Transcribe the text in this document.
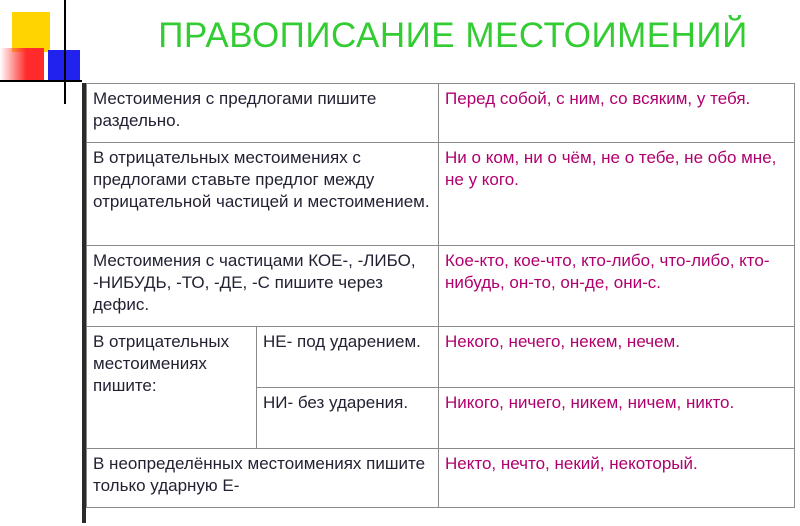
ПРАВОПИСАНИЕ МЕСТОИМЕНИЙ
Местоимения с предлогами пишите раздельно.		Перед собой, с ним, со всяким, у тебя.
В отрицательных местоимениях с предлогами ставьте предлог между отрицательной частицей и местоимением.		Ни о ком, ни о чём, не о тебе, не обо мне, не у кого.
Местоимения с частицами КОЕ-, -ЛИБО, -НИБУДЬ, -ТО, -ДЕ, -С пишите через дефис.		Кое-кто, кое-что, кто-либо, что-либо, кто-нибудь, он-то, он-де, они-с.
В отрицательных местоимениях пишите:	НЕ- под ударением.	Некого, нечего, некем, нечем.
	НИ- без ударения.	Никого, ничего, никем, ничем, никто.
В неопределённых местоимениях пишите только ударную Е-		Некто, нечто, некий, некоторый.
